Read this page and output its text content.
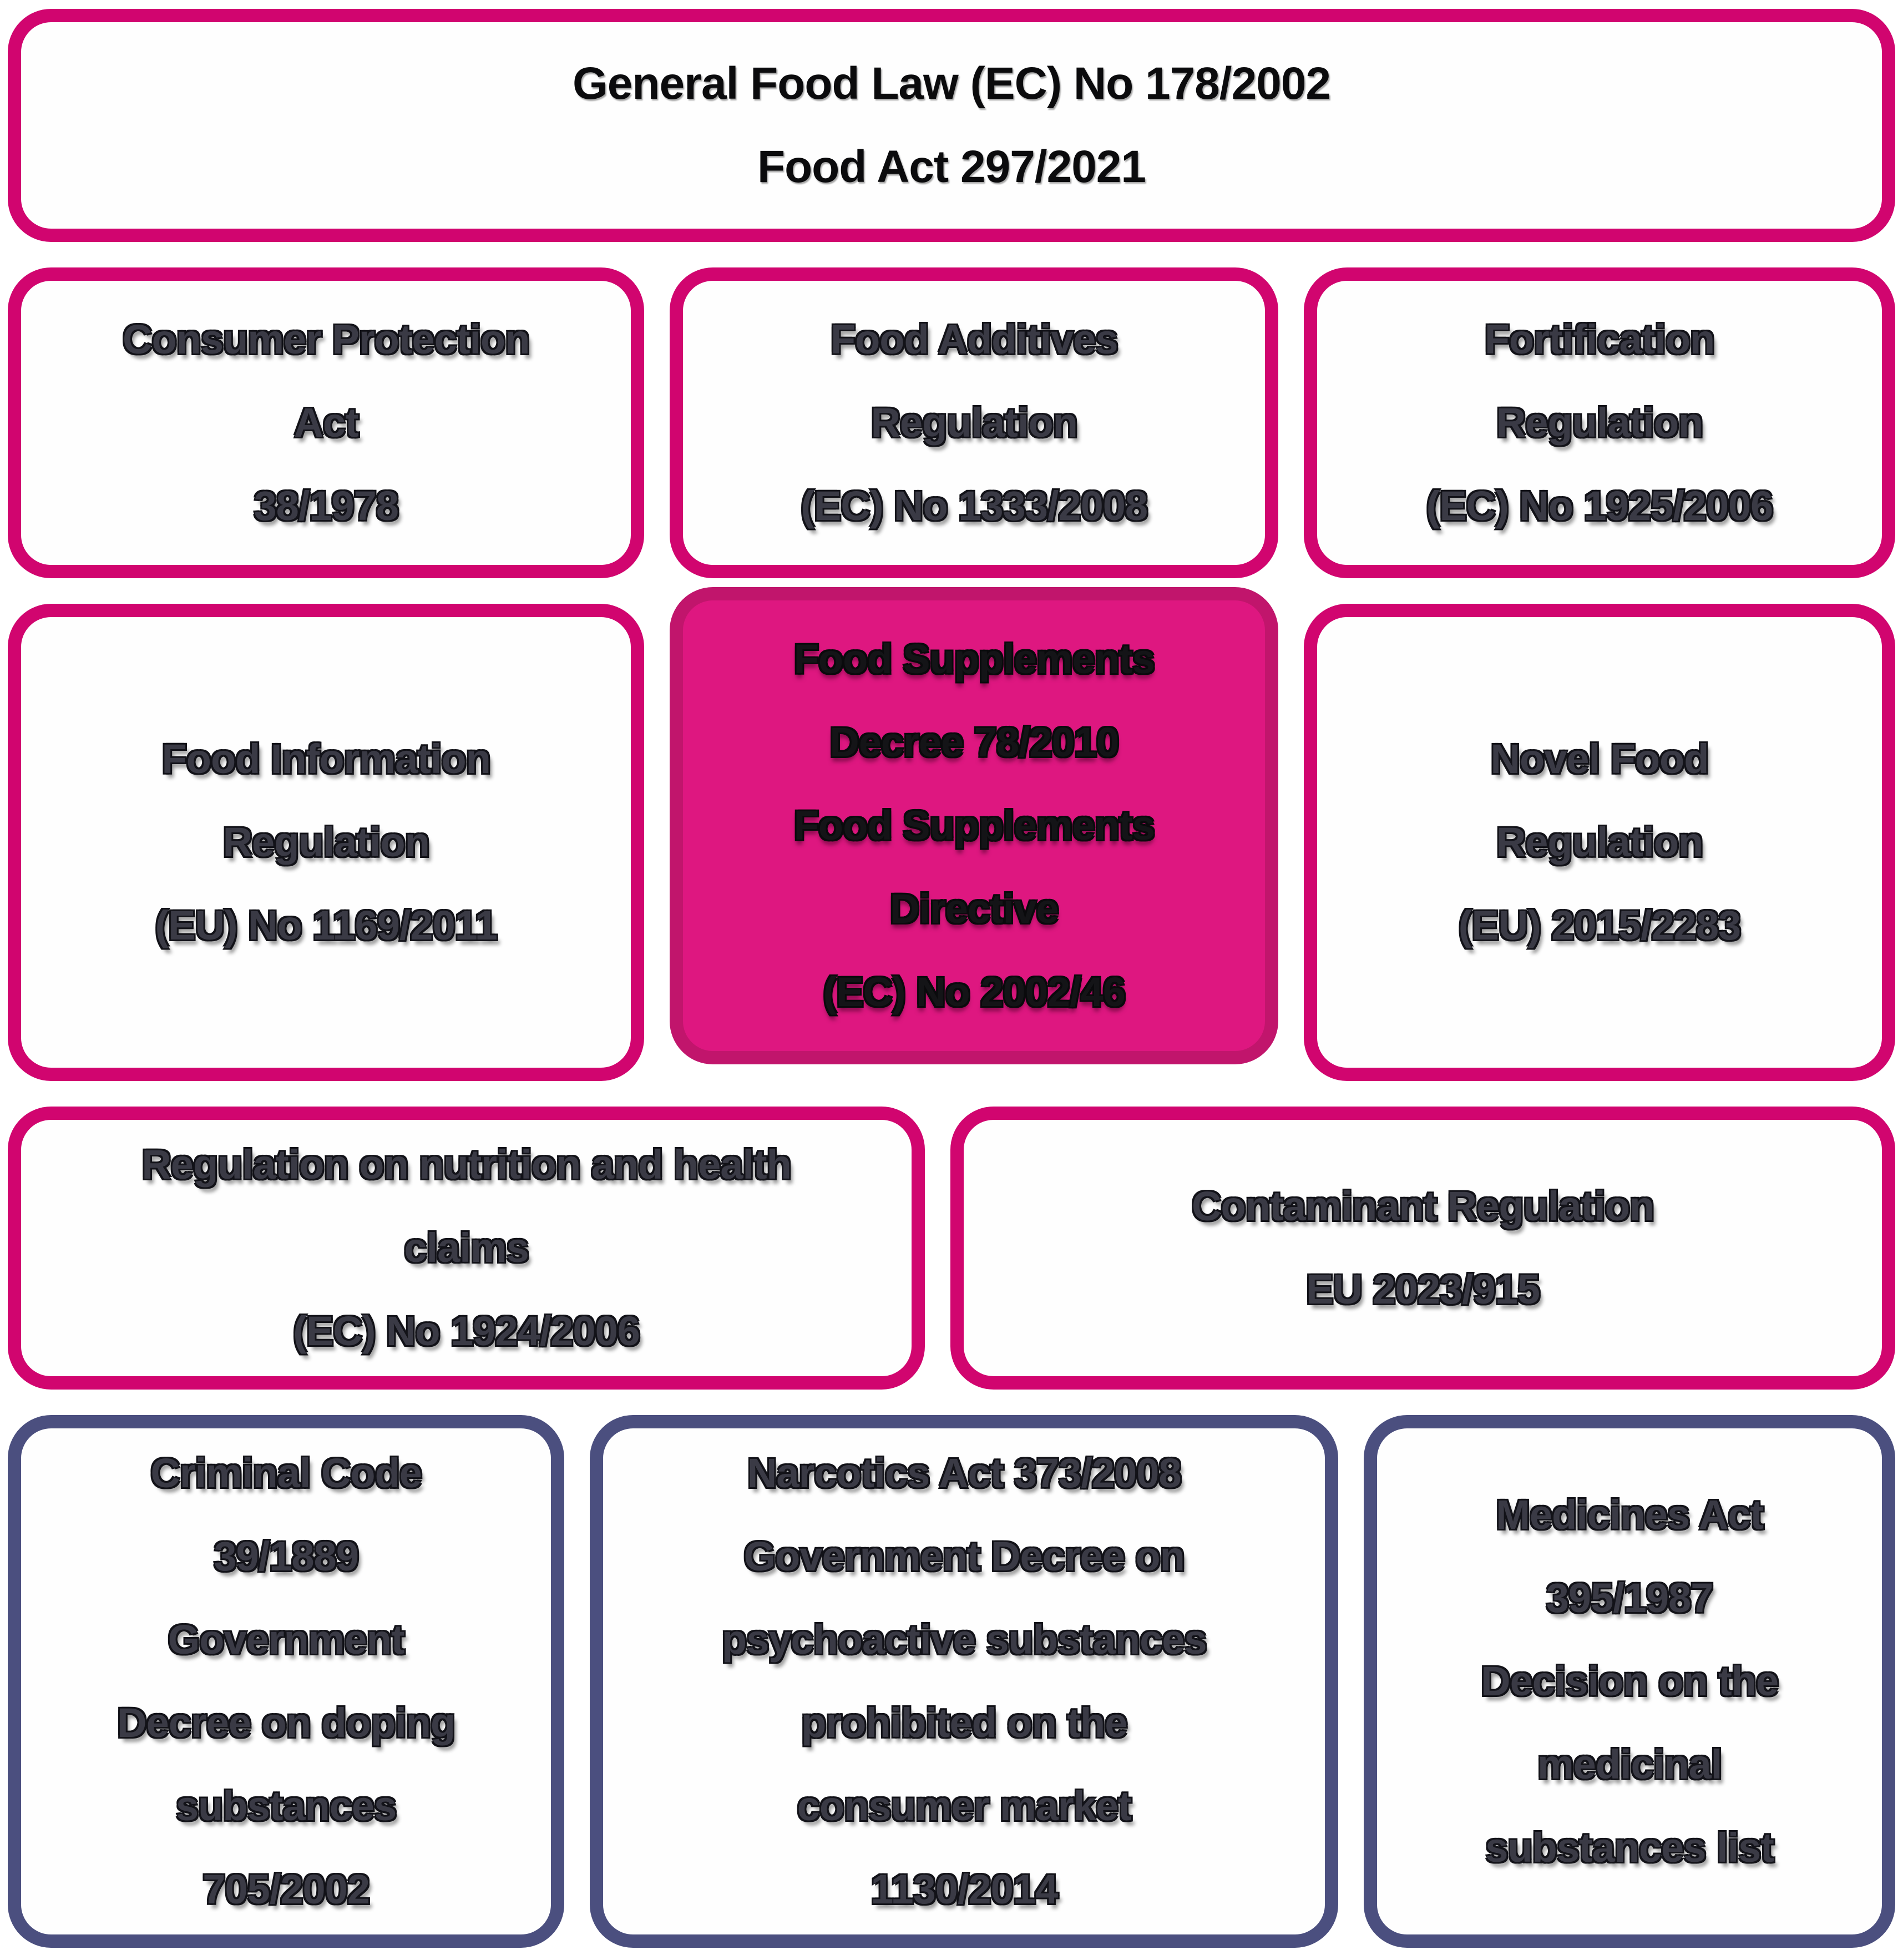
General Food Law (EC) No 178/2002
Food Act 297/2021
Consumer Protection
Act
38/1978
Food Additives
Regulation
(EC) No 1333/2008
Fortification
Regulation
(EC) No 1925/2006
Food Information
Regulation
(EU) No 1169/2011
Food Supplements
Decree 78/2010
Food Supplements
Directive
(EC) No 2002/46
Novel Food
Regulation
(EU) 2015/2283
Regulation on nutrition and health
claims
(EC) No 1924/2006
Contaminant Regulation
EU 2023/915
Criminal Code
39/1889
Government
Decree on doping
substances
705/2002
Narcotics Act 373/2008
Government Decree on
psychoactive substances
prohibited on the
consumer market
1130/2014
Medicines Act
395/1987
Decision on the
medicinal
substances list
